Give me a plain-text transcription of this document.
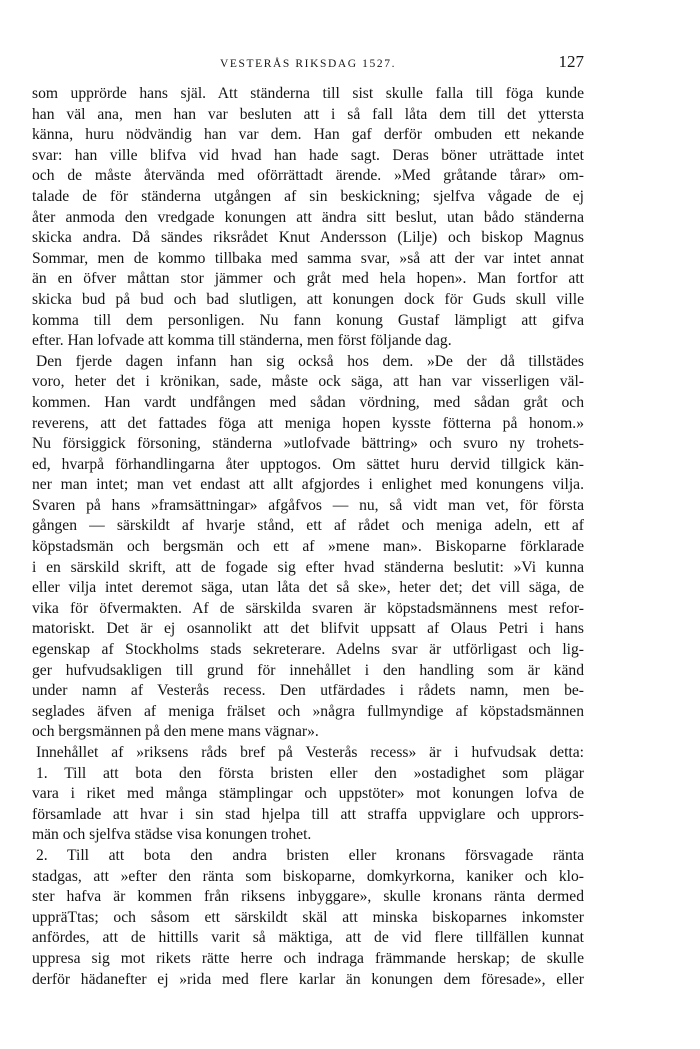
VESTERÅS RIKSDAG 1527.	127
som upprörde hans själ. Att ständerna till sist skulle falla till föga kunde
han väl ana, men han var besluten att i så fall låta dem till det yttersta
känna, huru nödvändig han var dem. Han gaf derför ombuden ett nekande
svar: han ville blifva vid hvad han hade sagt. Deras böner uträttade intet
och de måste återvända med oförrättadt ärende. »Med gråtande tårar» om-
talade de för ständerna utgången af sin beskickning; sjelfva vågade de ej
åter anmoda den vredgade konungen att ändra sitt beslut, utan bådo ständerna
skicka andra. Då sändes riksrådet Knut Andersson (Lilje) och biskop Magnus
Sommar, men de kommo tillbaka med samma svar, »så att der var intet annat
än en öfver måttan stor jämmer och gråt med hela hopen». Man fortfor att
skicka bud på bud och bad slutligen, att konungen dock för Guds skull ville
komma till dem personligen. Nu fann konung Gustaf lämpligt att gifva
efter. Han lofvade att komma till ständerna, men först följande dag.
Den fjerde dagen infann han sig också hos dem. »De der då tillstädes
voro, heter det i krönikan, sade, måste ock säga, att han var visserligen väl-
kommen. Han vardt undfången med sådan vördning, med sådan gråt och
reverens, att det fattades föga att meniga hopen kysste fötterna på honom.»
Nu försiggick försoning, ständerna »utlofvade bättring» och svuro ny trohets-
ed, hvarpå förhandlingarna åter upptogos. Om sättet huru dervid tillgick kän-
ner man intet; man vet endast att allt afgjordes i enlighet med konungens vilja.
Svaren på hans »framsättningar» afgåfvos — nu, så vidt man vet, för första
gången — särskildt af hvarje stånd, ett af rådet och meniga adeln, ett af
köpstadsmän och bergsmän och ett af »mene man». Biskoparne förklarade
i en särskild skrift, att de fogade sig efter hvad ständerna beslutit: »Vi kunna
eller vilja intet deremot säga, utan låta det så ske», heter det; det vill säga, de
vika för öfvermakten. Af de särskilda svaren är köpstadsmännens mest refor-
matoriskt. Det är ej osannolikt att det blifvit uppsatt af Olaus Petri i hans
egenskap af Stockholms stads sekreterare. Adelns svar är utförligast och lig-
ger hufvudsakligen till grund för innehållet i den handling som är känd
under namn af Vesterås recess. Den utfärdades i rådets namn, men be-
seglades äfven af meniga frälset och »några fullmyndige af köpstadsmännen
och bergsmännen på den mene mans vägnar».
Innehållet af »riksens råds bref på Vesterås recess» är i hufvudsak detta:
1. Till att bota den första bristen eller den »ostadighet som plägar
vara i riket med många stämplingar och uppstöter» mot konungen lofva de
församlade att hvar i sin stad hjelpa till att straffa uppviglare och upprors-
män och sjelfva städse visa konungen trohet.
2. Till att bota den andra bristen eller kronans försvagade ränta
stadgas, att »efter den ränta som biskoparne, domkyrkorna, kaniker och klo-
ster hafva är kommen från riksens inbyggare», skulle kronans ränta dermed
uppräTtas; och såsom ett särskildt skäl att minska biskoparnes inkomster
anfördes, att de hittills varit så mäktiga, att de vid flere tillfällen kunnat
uppresa sig mot rikets rätte herre och indraga främmande herskap; de skulle
derför hädanefter ej »rida med flere karlar än konungen dem föresade», eller
